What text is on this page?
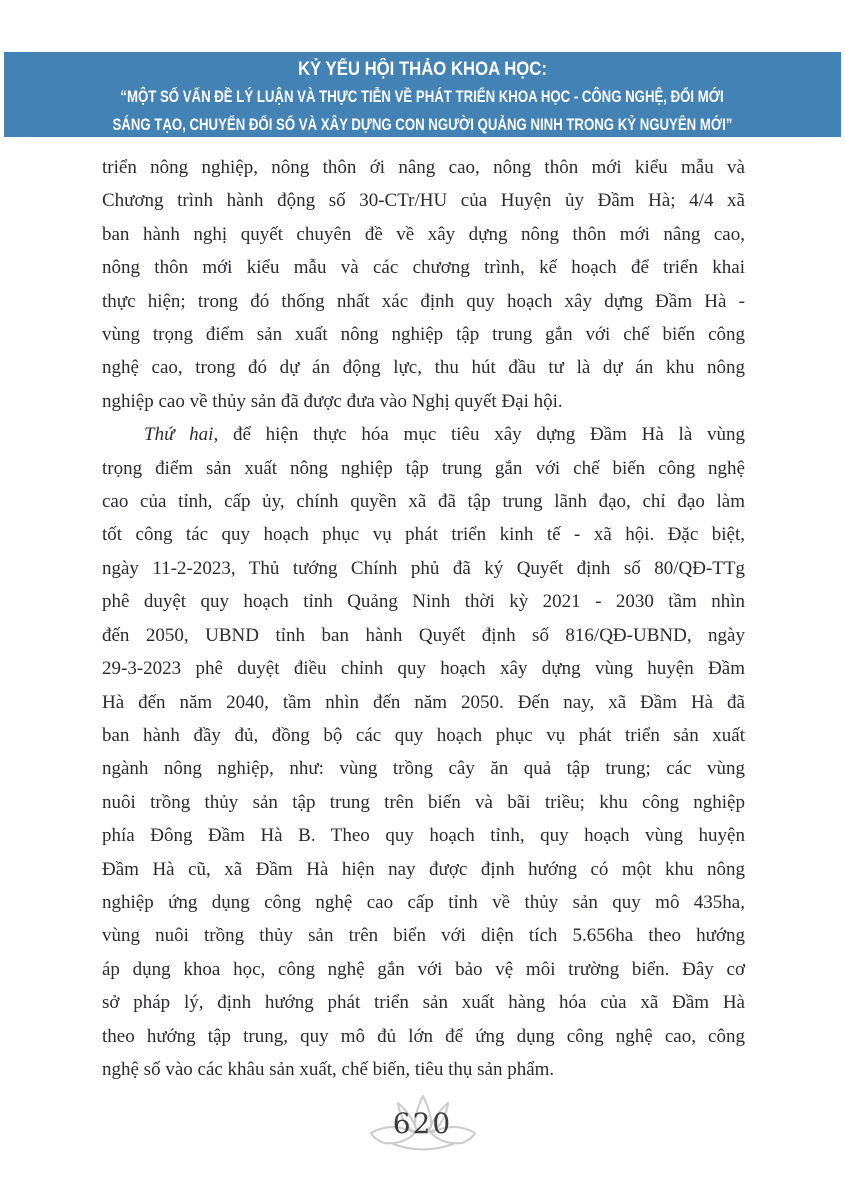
KỶ YẾU HỘI THẢO KHOA HỌC:
“MỘT SỐ VẤN ĐỀ LÝ LUẬN VÀ THỰC TIỄN VỀ PHÁT TRIỂN KHOA HỌC - CÔNG NGHỆ, ĐỔI MỚI
SÁNG TẠO, CHUYỂN ĐỔI SỐ VÀ XÂY DỰNG CON NGƯỜI QUẢNG NINH TRONG KỶ NGUYÊN MỚI”
triển nông nghiệp, nông thôn ới nâng cao, nông thôn mới kiểu mẫu và
Chương trình hành động số 30-CTr/HU của Huyện ủy Đầm Hà; 4/4 xã
ban hành nghị quyết chuyên đề về xây dựng nông thôn mới nâng cao,
nông thôn mới kiểu mẫu và các chương trình, kế hoạch để triển khai
thực hiện; trong đó thống nhất xác định quy hoạch xây dựng Đầm Hà -
vùng trọng điểm sản xuất nông nghiệp tập trung gắn với chế biến công
nghệ cao, trong đó dự án động lực, thu hút đầu tư là dự án khu nông
nghiệp cao về thủy sản đã được đưa vào Nghị quyết Đại hội.
Thứ hai, để hiện thực hóa mục tiêu xây dựng Đầm Hà là vùng
trọng điểm sản xuất nông nghiệp tập trung gắn với chế biến công nghệ
cao của tỉnh, cấp ủy, chính quyền xã đã tập trung lãnh đạo, chỉ đạo làm
tốt công tác quy hoạch phục vụ phát triển kinh tế - xã hội. Đặc biệt,
ngày 11-2-2023, Thủ tướng Chính phủ đã ký Quyết định số 80/QĐ-TTg
phê duyệt quy hoạch tỉnh Quảng Ninh thời kỳ 2021 - 2030 tầm nhìn
đến 2050, UBND tỉnh ban hành Quyết định số 816/QĐ-UBND, ngày
29-3-2023 phê duyệt điều chỉnh quy hoạch xây dựng vùng huyện Đầm
Hà đến năm 2040, tầm nhìn đến năm 2050. Đến nay, xã Đầm Hà đã
ban hành đầy đủ, đồng bộ các quy hoạch phục vụ phát triển sản xuất
ngành nông nghiệp, như: vùng trồng cây ăn quả tập trung; các vùng
nuôi trồng thủy sản tập trung trên biển và bãi triều; khu công nghiệp
phía Đông Đầm Hà B. Theo quy hoạch tỉnh, quy hoạch vùng huyện
Đầm Hà cũ, xã Đầm Hà hiện nay được định hướng có một khu nông
nghiệp ứng dụng công nghệ cao cấp tỉnh về thủy sản quy mô 435ha,
vùng nuôi trồng thủy sản trên biển với diện tích 5.656ha theo hướng
áp dụng khoa học, công nghệ gắn với bảo vệ môi trường biển. Đây cơ
sở pháp lý, định hướng phát triển sản xuất hàng hóa của xã Đầm Hà
theo hướng tập trung, quy mô đủ lớn để ứng dụng công nghệ cao, công
nghệ số vào các khâu sản xuất, chế biến, tiêu thụ sản phẩm.
620
